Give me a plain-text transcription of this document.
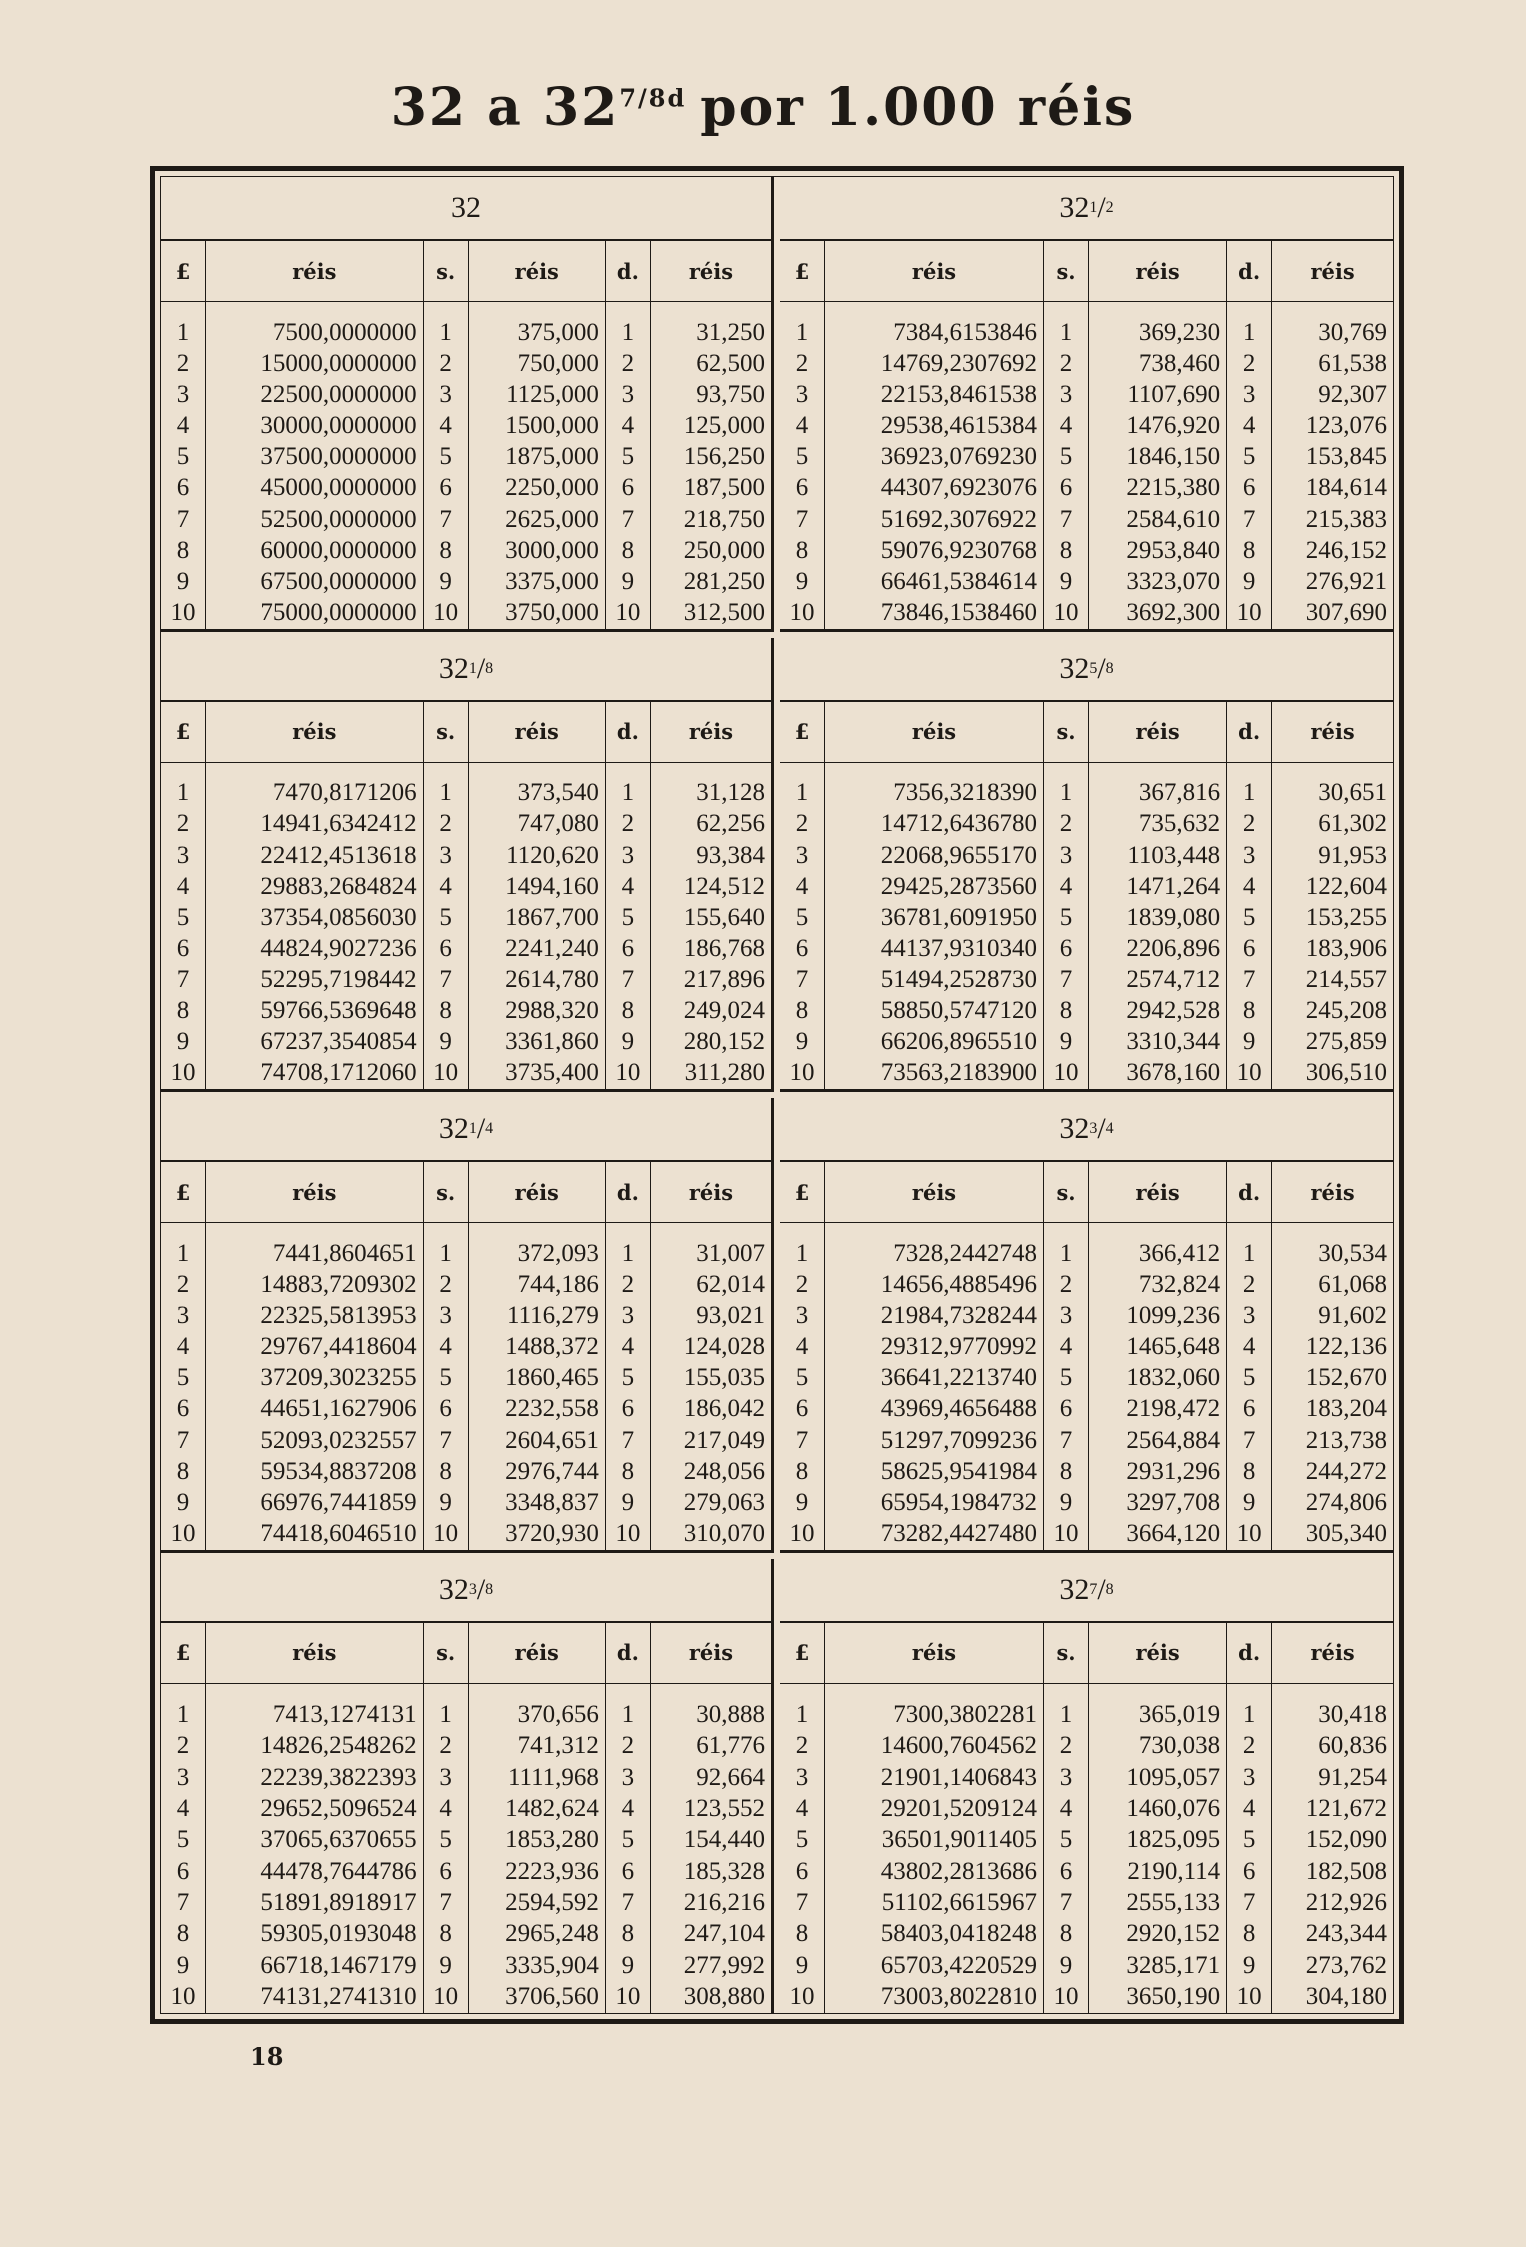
32 a $32^{7/8d}$ por 1.000 réis
32
£	réis	s.	réis	d.	réis

1	7500,0000000	1	375,000	1	31,250
2	15000,0000000	2	750,000	2	62,500
3	22500,0000000	3	1125,000	3	93,750
4	30000,0000000	4	1500,000	4	125,000
5	37500,0000000	5	1875,000	5	156,250
6	45000,0000000	6	2250,000	6	187,500
7	52500,0000000	7	2625,000	7	218,750
8	60000,0000000	8	3000,000	8	250,000
9	67500,0000000	9	3375,000	9	281,250
10	75000,0000000	10	3750,000	10	312,500
32 1 / 2
£	réis	s.	réis	d.	réis

1	7384,6153846	1	369,230	1	30,769
2	14769,2307692	2	738,460	2	61,538
3	22153,8461538	3	1107,690	3	92,307
4	29538,4615384	4	1476,920	4	123,076
5	36923,0769230	5	1846,150	5	153,845
6	44307,6923076	6	2215,380	6	184,614
7	51692,3076922	7	2584,610	7	215,383
8	59076,9230768	8	2953,840	8	246,152
9	66461,5384614	9	3323,070	9	276,921
10	73846,1538460	10	3692,300	10	307,690
32 1 / 8
£	réis	s.	réis	d.	réis

1	7470,8171206	1	373,540	1	31,128
2	14941,6342412	2	747,080	2	62,256
3	22412,4513618	3	1120,620	3	93,384
4	29883,2684824	4	1494,160	4	124,512
5	37354,0856030	5	1867,700	5	155,640
6	44824,9027236	6	2241,240	6	186,768
7	52295,7198442	7	2614,780	7	217,896
8	59766,5369648	8	2988,320	8	249,024
9	67237,3540854	9	3361,860	9	280,152
10	74708,1712060	10	3735,400	10	311,280
32 5 / 8
£	réis	s.	réis	d.	réis

1	7356,3218390	1	367,816	1	30,651
2	14712,6436780	2	735,632	2	61,302
3	22068,9655170	3	1103,448	3	91,953
4	29425,2873560	4	1471,264	4	122,604
5	36781,6091950	5	1839,080	5	153,255
6	44137,9310340	6	2206,896	6	183,906
7	51494,2528730	7	2574,712	7	214,557
8	58850,5747120	8	2942,528	8	245,208
9	66206,8965510	9	3310,344	9	275,859
10	73563,2183900	10	3678,160	10	306,510
32 1 / 4
£	réis	s.	réis	d.	réis

1	7441,8604651	1	372,093	1	31,007
2	14883,7209302	2	744,186	2	62,014
3	22325,5813953	3	1116,279	3	93,021
4	29767,4418604	4	1488,372	4	124,028
5	37209,3023255	5	1860,465	5	155,035
6	44651,1627906	6	2232,558	6	186,042
7	52093,0232557	7	2604,651	7	217,049
8	59534,8837208	8	2976,744	8	248,056
9	66976,7441859	9	3348,837	9	279,063
10	74418,6046510	10	3720,930	10	310,070
32 3 / 4
£	réis	s.	réis	d.	réis

1	7328,2442748	1	366,412	1	30,534
2	14656,4885496	2	732,824	2	61,068
3	21984,7328244	3	1099,236	3	91,602
4	29312,9770992	4	1465,648	4	122,136
5	36641,2213740	5	1832,060	5	152,670
6	43969,4656488	6	2198,472	6	183,204
7	51297,7099236	7	2564,884	7	213,738
8	58625,9541984	8	2931,296	8	244,272
9	65954,1984732	9	3297,708	9	274,806
10	73282,4427480	10	3664,120	10	305,340
32 3 / 8
£	réis	s.	réis	d.	réis

1	7413,1274131	1	370,656	1	30,888
2	14826,2548262	2	741,312	2	61,776
3	22239,3822393	3	1111,968	3	92,664
4	29652,5096524	4	1482,624	4	123,552
5	37065,6370655	5	1853,280	5	154,440
6	44478,7644786	6	2223,936	6	185,328
7	51891,8918917	7	2594,592	7	216,216
8	59305,0193048	8	2965,248	8	247,104
9	66718,1467179	9	3335,904	9	277,992
10	74131,2741310	10	3706,560	10	308,880
32 7 / 8
£	réis	s.	réis	d.	réis

1	7300,3802281	1	365,019	1	30,418
2	14600,7604562	2	730,038	2	60,836
3	21901,1406843	3	1095,057	3	91,254
4	29201,5209124	4	1460,076	4	121,672
5	36501,9011405	5	1825,095	5	152,090
6	43802,2813686	6	2190,114	6	182,508
7	51102,6615967	7	2555,133	7	212,926
8	58403,0418248	8	2920,152	8	243,344
9	65703,4220529	9	3285,171	9	273,762
10	73003,8022810	10	3650,190	10	304,180
18
